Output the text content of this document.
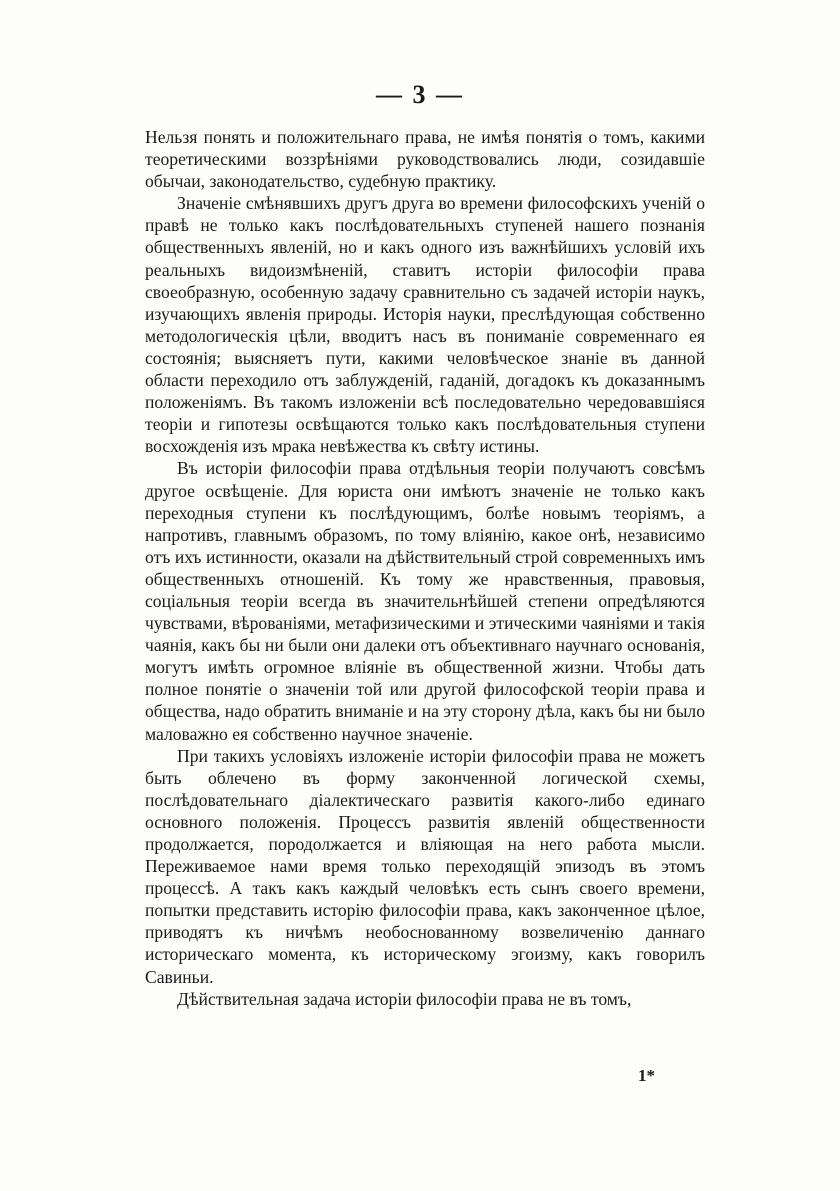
— 3 —

Нельзя понять и положительнаго права, не имѣя понятія о томъ, какими теоретическими воззрѣніями руководствовались люди, созидавшіе обычаи, законодательство, судебную практику.

Значеніе смѣнявшихъ другъ друга во времени философскихъ ученій о правѣ не только какъ послѣдовательныхъ ступеней нашего познанія общественныхъ явленій, но и какъ одного изъ важнѣйшихъ условій ихъ реальныхъ видоизмѣненій, ставитъ исторіи философіи права своеобразную, особенную задачу сравнительно съ задачей исторіи наукъ, изучающихъ явленія природы. Исторія науки, преслѣдующая собственно методологическія цѣли, вводитъ насъ въ пониманіе современнаго ея состоянія; выясняетъ пути, какими человѣческое знаніе въ данной области переходило отъ заблужденій, гаданій, догадокъ къ доказаннымъ положеніямъ. Въ такомъ изложеніи всѣ последовательно чередовавшіяся теоріи и гипотезы освѣщаются только какъ послѣдовательныя ступени восхожденія изъ мрака невѣжества къ свѣту истины.

Въ исторіи философіи права отдѣльныя теоріи получаютъ совсѣмъ другое освѣщеніе. Для юриста они имѣютъ значеніе не только какъ переходныя ступени къ послѣдующимъ, болѣе новымъ теоріямъ, а напротивъ, главнымъ образомъ, по тому вліянію, какое онѣ, независимо отъ ихъ истинности, оказали на дѣйствительный строй современныхъ имъ общественныхъ отношеній. Къ тому же нравственныя, правовыя, соціальныя теоріи всегда въ значительнѣйшей степени опредѣляются чувствами, вѣрованіями, метафизическими и этическими чаяніями и такія чаянія, какъ бы ни были они далеки отъ объективнаго научнаго основанія, могутъ имѣть огромное вліяніе въ общественной жизни. Чтобы дать полное понятіе о значеніи той или другой философской теоріи права и общества, надо обратить вниманіе и на эту сторону дѣла, какъ бы ни было маловажно ея собственно научное значеніе.

При такихъ условіяхъ изложеніе исторіи философіи права не можетъ быть облечено въ форму законченной логической схемы, послѣдовательнаго діалектическаго развитія какого-либо единаго основного положенія. Процессъ развитія явленій общественности продолжается, породолжается и вліяющая на него работа мысли. Переживаемое нами время только переходящій эпизодъ въ этомъ процессѣ. А такъ какъ каждый человѣкъ есть сынъ своего времени, попытки представить исторію философіи права, какъ законченное цѣлое, приводятъ къ ничѣмъ необоснованному возвеличенію даннаго историческаго момента, къ историческому эгоизму, какъ говорилъ Савиньи.

Дѣйствительная задача исторіи философіи права не въ томъ,

1*
